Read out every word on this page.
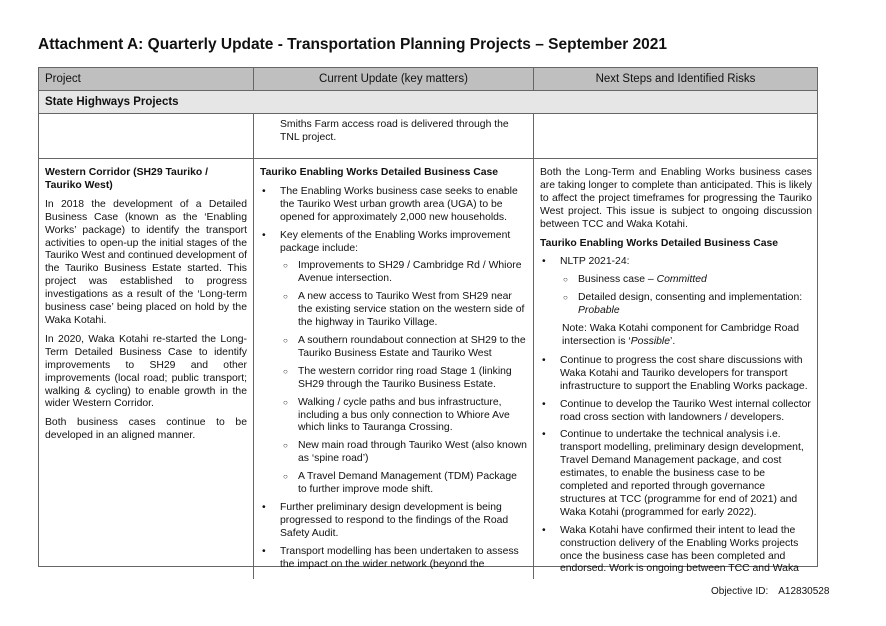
Attachment A: Quarterly Update - Transportation Planning Projects – September 2021
Project	Current Update (key matters)	Next Steps and Identified Risks
State Highways Projects
Smiths Farm access road is delivered through the TNL project.

Western Corridor (SH29 Tauriko / Tauriko West)

In 2018 the development of a Detailed Business Case (known as the ‘Enabling Works’ package) to identify the transport activities to open-up the initial stages of the Tauriko West and continued development of the Tauriko Business Estate started. This project was established to progress investigations as a result of the ‘Long-term business case’ being placed on hold by the Waka Kotahi.

In 2020, Waka Kotahi re-started the Long-Term Detailed Business Case to identify improvements to SH29 and other improvements (local road; public transport; walking & cycling) to enable growth in the wider Western Corridor.

Both business cases continue to be developed in an aligned manner.

Tauriko Enabling Works Detailed Business Case

• The Enabling Works business case seeks to enable the Tauriko West urban growth area (UGA) to be opened for approximately 2,000 new households.
• Key elements of the Enabling Works improvement package include:
○ Improvements to SH29 / Cambridge Rd / Whiore Avenue intersection.
○ A new access to Tauriko West from SH29 near the existing service station on the western side of the highway in Tauriko Village.
○ A southern roundabout connection at SH29 to the Tauriko Business Estate and Tauriko West
○ The western corridor ring road Stage 1 (linking SH29 through the Tauriko Business Estate.
○ Walking / cycle paths and bus infrastructure, including a bus only connection to Whiore Ave which links to Tauranga Crossing.
○ New main road through Tauriko West (also known as ‘spine road’)
○ A Travel Demand Management (TDM) Package to further improve mode shift.
• Further preliminary design development is being progressed to respond to the findings of the Road Safety Audit.
• Transport modelling has been undertaken to assess the impact on the wider network (beyond the

Both the Long-Term and Enabling Works business cases are taking longer to complete than anticipated. This is likely to affect the project timeframes for progressing the Tauriko West project. This issue is subject to ongoing discussion between TCC and Waka Kotahi.

Tauriko Enabling Works Detailed Business Case

• NLTP 2021-24:
○ Business case – Committed
○ Detailed design, consenting and implementation: Probable

Note: Waka Kotahi component for Cambridge Road intersection is ‘Possible’.

• Continue to progress the cost share discussions with Waka Kotahi and Tauriko developers for transport infrastructure to support the Enabling Works package.
• Continue to develop the Tauriko West internal collector road cross section with landowners / developers.
• Continue to undertake the technical analysis i.e. transport modelling, preliminary design development, Travel Demand Management package, and cost estimates, to enable the business case to be completed and reported through governance structures at TCC (programme for end of 2021) and Waka Kotahi (programmed for early 2022).
• Waka Kotahi have confirmed their intent to lead the construction delivery of the Enabling Works projects once the business case has been completed and endorsed. Work is ongoing between TCC and Waka
Objective ID: A12830528
